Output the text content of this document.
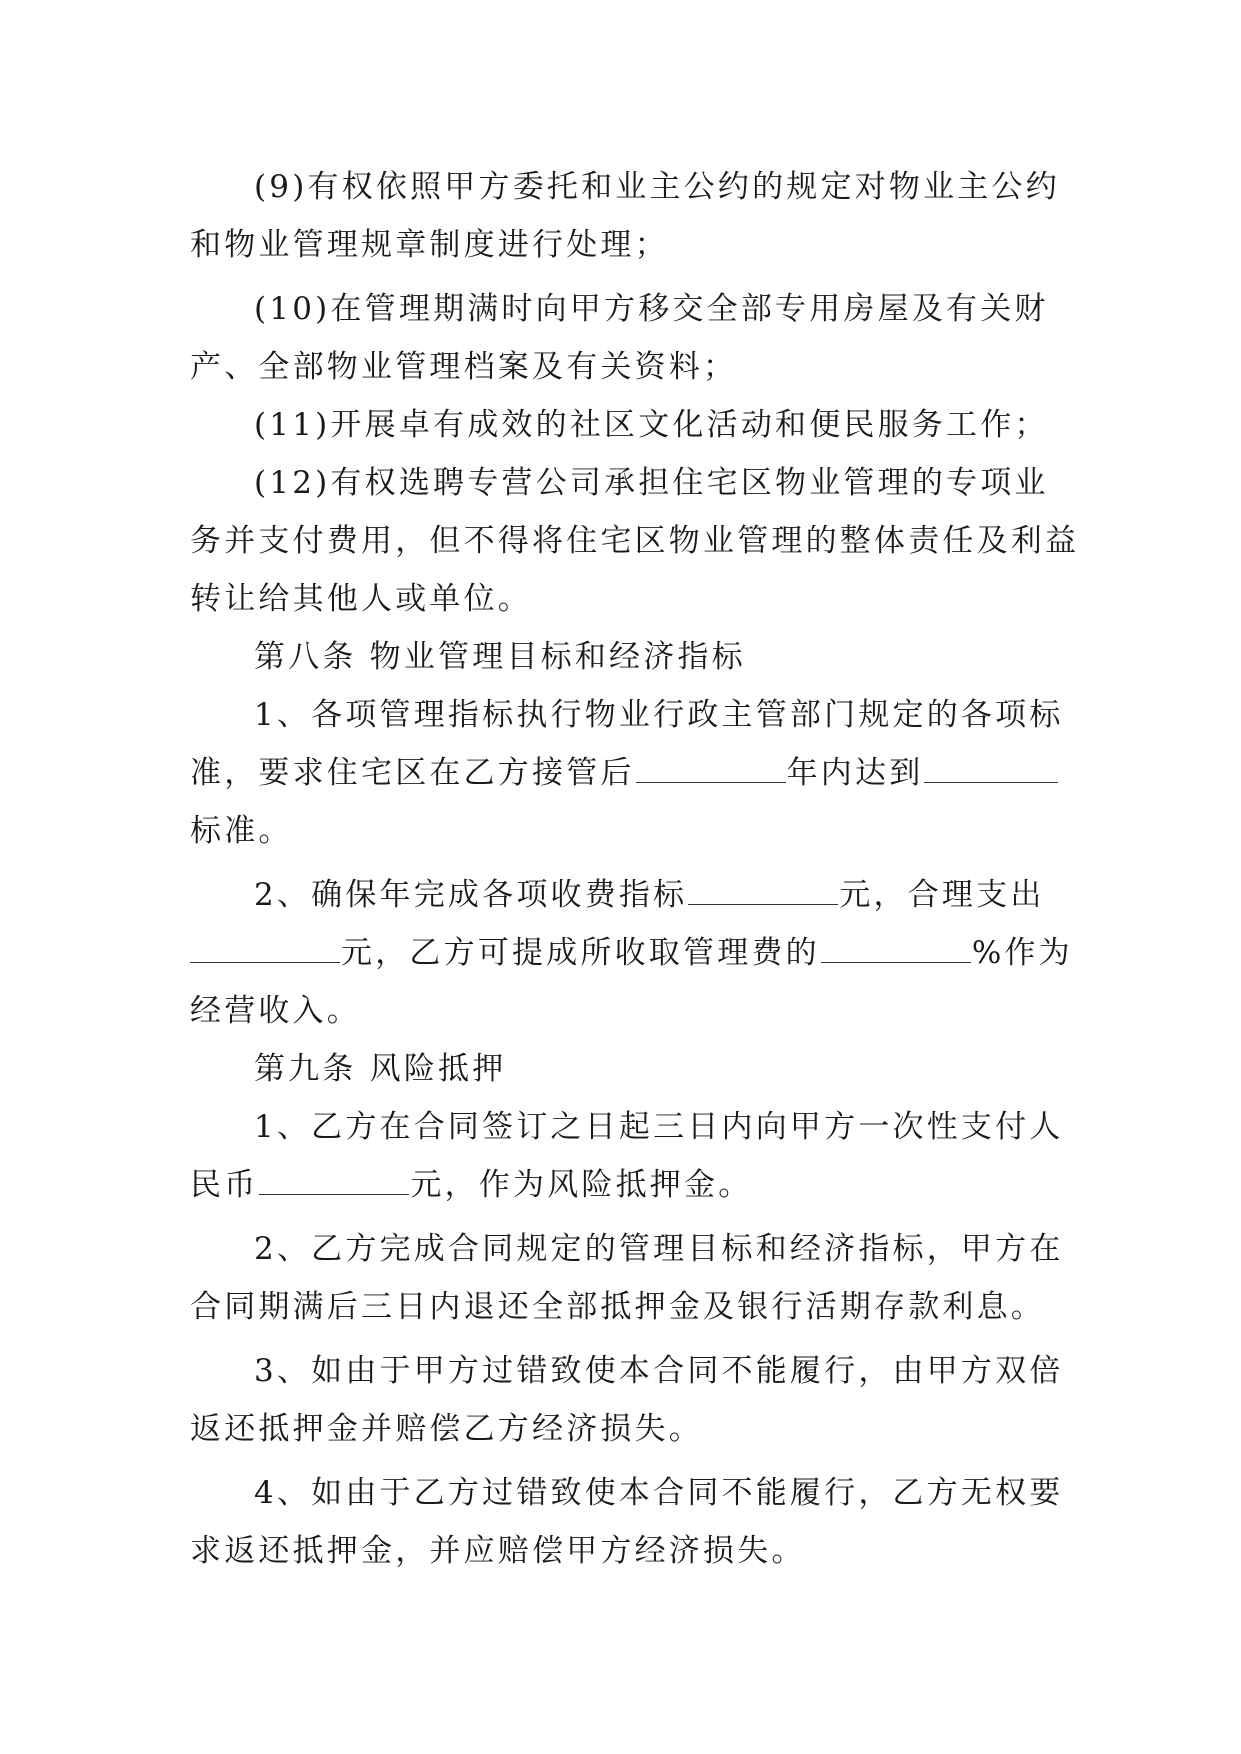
(9)有权依照甲方委托和业主公约的规定对物业主公约
和物业管理规章制度进行处理；
(10)在管理期满时向甲方移交全部专用房屋及有关财
产、全部物业管理档案及有关资料；
(11)开展卓有成效的社区文化活动和便民服务工作；
(12)有权选聘专营公司承担住宅区物业管理的专项业
务并支付费用，但不得将住宅区物业管理的整体责任及利益
转让给其他人或单位。
第八条 物业管理目标和经济指标
1、各项管理指标执行物业行政主管部门规定的各项标
准，要求住宅区在乙方接管后	年内达到
标准。
2、确保年完成各项收费指标	元，合理支出
元，乙方可提成所收取管理费的	%作为
经营收入。
第九条 风险抵押
1、乙方在合同签订之日起三日内向甲方一次性支付人
民币	元，作为风险抵押金。
2、乙方完成合同规定的管理目标和经济指标，甲方在
合同期满后三日内退还全部抵押金及银行活期存款利息。
3、如由于甲方过错致使本合同不能履行，由甲方双倍
返还抵押金并赔偿乙方经济损失。
4、如由于乙方过错致使本合同不能履行，乙方无权要
求返还抵押金，并应赔偿甲方经济损失。
